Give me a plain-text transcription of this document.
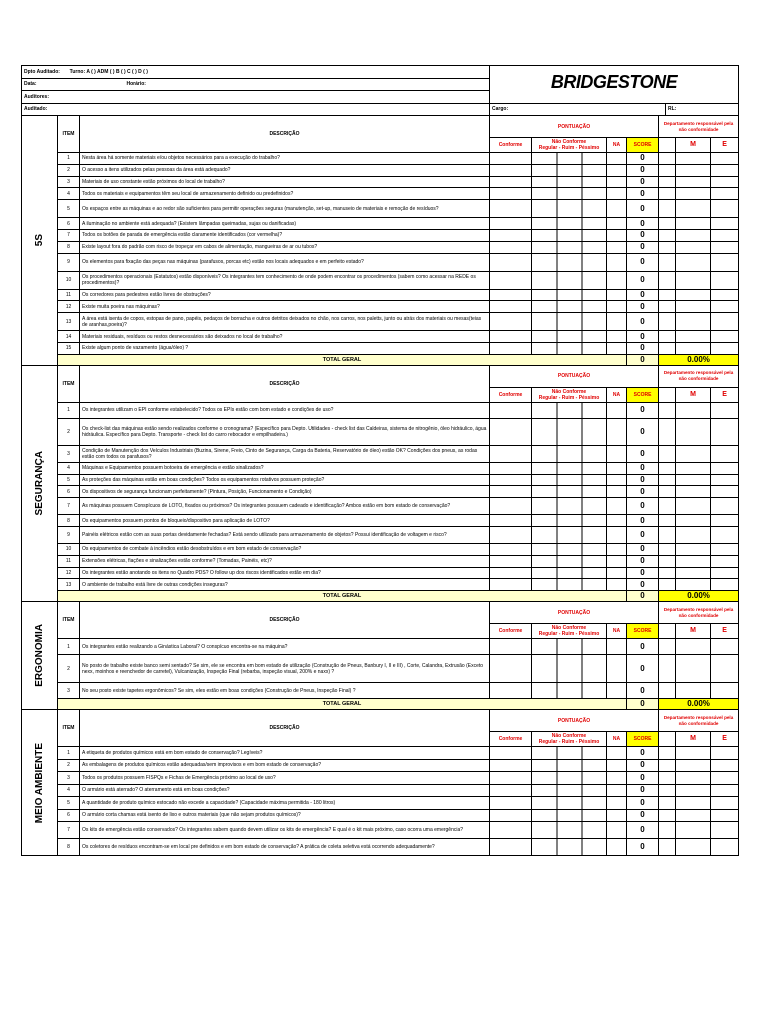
Dpto Auditado: Turno: A ( ) ADM ( ) B ( ) C ( ) D ( )	BRIDGESTONE	
Data: Horário:		
Auditores:		
Auditado:	Cargo:	RL:
5S	ITEM	DESCRIÇÃO	PONTUAÇÃO				Departamento responsável pela não conformidade		
			Conforme	Não Conforme
Regular - Ruim - Péssimo	NA	SCORE		M	E
	1	Nesta área há somente materiais e/ou objetos necessários para a execução do trabalho?				0			
	2	O acesso a itens utilizados pelas pessoas da área está adequado?				0			
	3	Materiais de uso constante estão próximos do local de trabalho?				0			
	4	Todos os materiais e equipamentos têm seu local de armazenamento definido ou predefinidos?				0			
	5	Os espaços entre as máquinas e ao redor são suficientes para permitir operações seguras (manutenção, set-up, manuseio de materiais e remoção de resíduos?				0			
	6	A iluminação no ambiente está adequada? (Existem lâmpadas queimadas, sujas ou danificadas)				0			
	7	Todos os botões de parada de emergência estão claramente identificados (cor vermelha)?				0			
	8	Existe layout fora do padrão com risco de tropeçar em cabos de alimentação, mangueiras de ar ou tubos?				0			
	9	Os elementos para fixação das peças nas máquinas (parafusos, porcas etc) estão nos locais adequados e em perfeito estado?				0			
	10	Os procedimentos operacionais (Estatutos) estão disponíveis? Os integrantes tem conhecimento de onde podem encontrar os procedimentos (sabem como acessar na REDE os procedimentos)?				0			
	11	Os corredores para pedestres estão livres de obstruções?				0			
	12	Existe muita poeira nas máquinas?				0			
	13	A área está isenta de copos, estopas de pano, papéis, pedaços de borracha e outros detritos deixados no chão, nos carros, nos paletts, junto ou atrás dos materiais ou mesas(teias de aranhas,poeira)?				0			
	14	Materiais residuais, resíduos ou restos desnecessários são deixados no local de trabalho?				0			
	15	Existe algum ponto de vazamento (água/óleo) ?				0			
	TOTAL GERAL					0	0.00%		
SEGURANÇA	ITEM	DESCRIÇÃO	PONTUAÇÃO				Departamento responsável pela não conformidade		
			Conforme	Não Conforme
Regular - Ruim - Péssimo	NA	SCORE		M	E
	1	Os integrantes utilizam o EPI conforme estabelecido? Todos os EPIs estão com bom estado e condições de uso?				0			
	2	Os check-list das máquinas estão sendo realizados conforme o cronograma? (Específico para Depto. Utilidades - check list das Caldeiras, sistema de nitrogênio, óleo hidráulico, água hidráulica. Específico para Depto. Transporte - check list do carro rebocador e empilhadeira.)				0			
	3	Condição de Manutenção dos Veículos Industriais (Buzina, Sirene, Freio, Cinto de Segurança, Carga da Bateria, Reservatório de óleo) estão OK? Condições dos pneus, as rodas estão com todos os parafusos?				0			
	4	Máquinas e Equipamentos possuem botoeira de emergência e estão sinalizados?				0			
	5	As proteções das máquinas estão em boas condições? Todos os equipamentos rotativos possuem proteção?				0			
	6	Os dispositivos de segurança funcionam perfeitamente? (Pintura, Posição, Funcionamento e Condição)				0			
	7	As máquinas possuem Conspícuos de LOTO, fixados ou próximos? Os integrantes possuem cadeado e identificação? Ambos estão em bom estado de conservação?				0			
	8	Os equipamentos possuem pontos de bloqueio/dispositivo para aplicação de LOTO?				0			
	9	Painéis elétricos estão com as suas portas devidamente fechadas? Está sendo utilizado para armazenamento de objetos? Possui identificação de voltagem e risco?				0			
	10	Os equipamentos de combate à incêndios estão desobstruídos e em bom estado de conservação?				0			
	11	Extensões elétricas, fiações e sinalizações estão conforme? (Tomadas, Painéis, etc)?				0			
	12	Os integrantes estão anotando os itens no Quadro PDS? O follow up dos riscos identificados estão em dia?				0			
	13	O ambiente de trabalho está livre de outras condições inseguras?				0			
	TOTAL GERAL					0	0.00%		
ERGONOMIA	ITEM	DESCRIÇÃO	PONTUAÇÃO				Departamento responsável pela não conformidade		
			Conforme	Não Conforme
Regular - Ruim - Péssimo	NA	SCORE		M	E
	1	Os integrantes estão realizando a Ginástica Laboral? O conspícuo encontra-se na máquina?				0			
	2	No posto de trabalho existe banco semi sentado? Se sim, ele se encontra em bom estado de utilização (Construção de Pneus, Banbury I, II e III) , Corte, Calandra, Extrusão (Exceto nexx, moinhos e reenchedor de carretel), Vulcanização, Inspeção Final (rebarba, inspeção visual, 200% e naxx) ?				0			
	3	No seu posto existe tapetes ergonômicos? Se sim, eles estão em boas condições (Construção de Pneus, Inspeção Final) ?				0			
	TOTAL GERAL					0	0.00%		
MEIO AMBIENTE	ITEM	DESCRIÇÃO	PONTUAÇÃO				Departamento responsável pela não conformidade		
			Conforme	Não Conforme
Regular - Ruim - Péssimo	NA	SCORE		M	E
	1	A etiqueta de produtos químicos está em bom estado de conservação? Legíveis?				0			
	2	As embalagens de produtos químicos estão adequadas/sem improvisos e em bom estado de conservação?				0			
	3	Todos os produtos possuem FISPQs e Fichas de Emergência próximo ao local de uso?				0			
	4	O armário está aterrado? O aterramento está em boas condições?				0			
	5	A quantidade de produto químico estocado não excede a capacidade? (Capacidade máxima permitida - 180 litros)				0			
	6	O armário corta chamas está isento de lixo e outros materiais (que não sejam produtos químicos)?				0			
	7	Os kits de emergência estão conservados? Os integrantes sabem quando devem utilizar os kits de emergência? E qual é o kit mais próximo, caso ocorra uma emergência?				0			
	8	Os coletores de resíduos encontram-se em local pre definidos e em bom estado de conservação? A prática de coleta seletiva está ocorrendo adequadamente?				0			
